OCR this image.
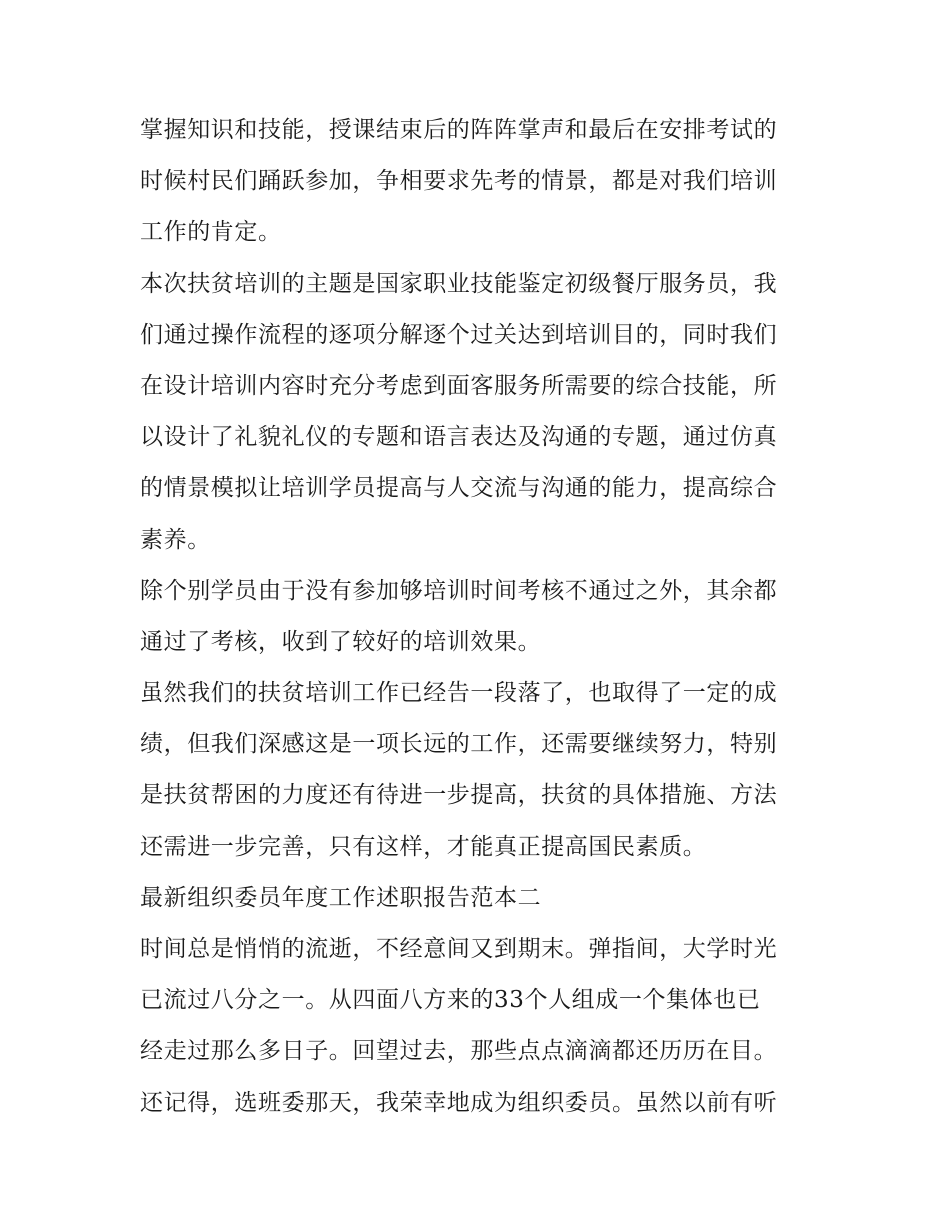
掌握知识和技能，授课结束后的阵阵掌声和最后在安排考试的
时候村民们踊跃参加，争相要求先考的情景，都是对我们培训
工作的肯定。
本次扶贫培训的主题是国家职业技能鉴定初级餐厅服务员，我
们通过操作流程的逐项分解逐个过关达到培训目的，同时我们
在设计培训内容时充分考虑到面客服务所需要的综合技能，所
以设计了礼貌礼仪的专题和语言表达及沟通的专题，通过仿真
的情景模拟让培训学员提高与人交流与沟通的能力，提高综合
素养。
除个别学员由于没有参加够培训时间考核不通过之外，其余都
通过了考核，收到了较好的培训效果。
虽然我们的扶贫培训工作已经告一段落了，也取得了一定的成
绩，但我们深感这是一项长远的工作，还需要继续努力，特别
是扶贫帮困的力度还有待进一步提高，扶贫的具体措施、方法
还需进一步完善，只有这样，才能真正提高国民素质。
最新组织委员年度工作述职报告范本二
时间总是悄悄的流逝，不经意间又到期末。弹指间，大学时光
已流过八分之一。从四面八方来的33个人组成一个集体也已
经走过那么多日子。回望过去，那些点点滴滴都还历历在目。
还记得，选班委那天，我荣幸地成为组织委员。虽然以前有听
